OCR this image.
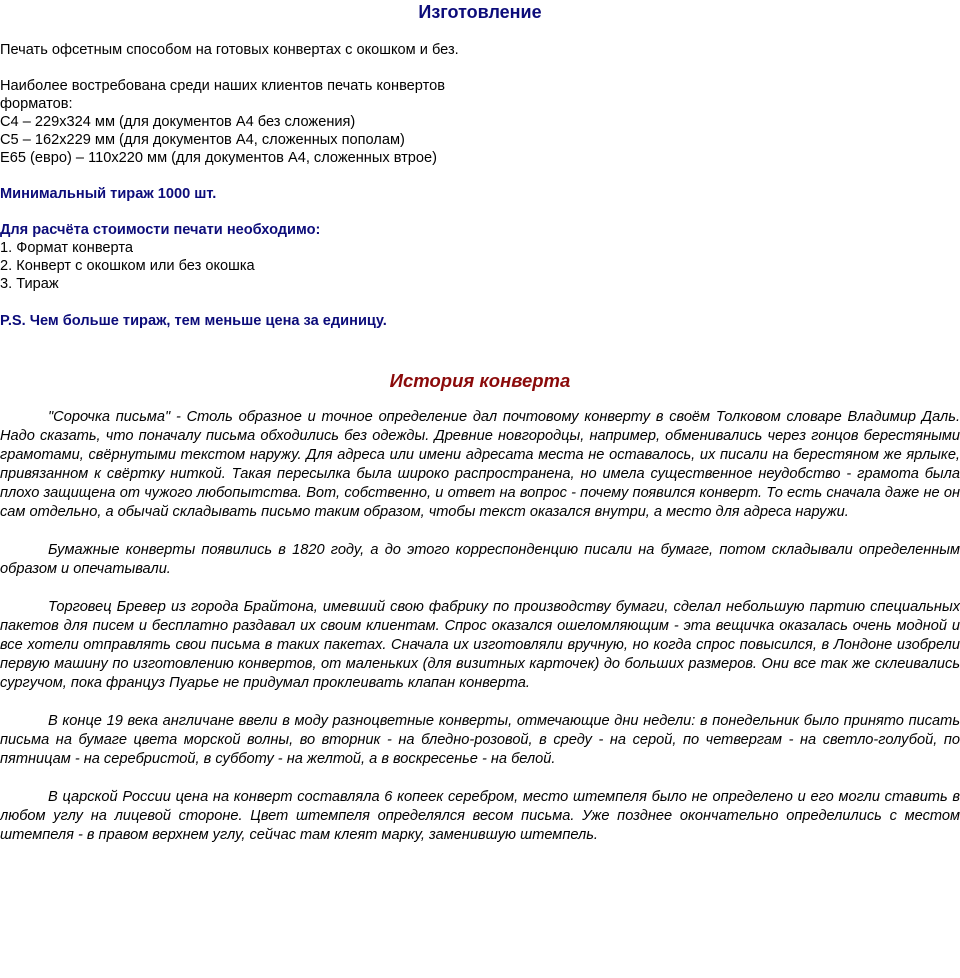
Изготовление
Печать офсетным способом на готовых конвертах с окошком и без.
Наиболее востребована среди наших клиентов печать конвертов
форматов:
С4 – 229х324 мм (для документов А4 без сложения)
С5 – 162х229 мм (для документов А4, сложенных пополам)
Е65 (евро) – 110х220 мм (для документов А4, сложенных втрое)
Минимальный тираж 1000 шт.
Для расчёта стоимости печати необходимо:
1. Формат конверта
2. Конверт с окошком или без окошка
3. Тираж
P.S. Чем больше тираж, тем меньше цена за единицу.
История конверта

"Сорочка письма" - Столь образное и точное определение дал почтовому конверту в своём Толковом словаре Владимир Даль. Надо сказать, что поначалу письма обходились без одежды. Древние новгородцы, например, обменивались через гонцов берестяными грамотами, свёрнутыми текстом наружу. Для адреса или имени адресата места не оставалось, их писали на берестяном же ярлыке, привязанном к свёртку ниткой. Такая пересылка была широко распространена, но имела существенное неудобство - грамота была плохо защищена от чужого любопытства. Вот, собственно, и ответ на вопрос - почему появился конверт. То есть сначала даже не он сам отдельно, а обычай складывать письмо таким образом, чтобы текст оказался внутри, а место для адреса наружи.

Бумажные конверты появились в 1820 году, а до этого корреспонденцию писали на бумаге, потом складывали определенным образом и опечатывали.

Торговец Бревер из города Брайтона, имевший свою фабрику по производству бумаги, сделал небольшую партию специальных пакетов для писем и бесплатно раздавал их своим клиентам. Спрос оказался ошеломляющим - эта вещичка оказалась очень модной и все хотели отправлять свои письма в таких пакетах. Сначала их изготовляли вручную, но когда спрос повысился, в Лондоне изобрели первую машину по изготовлению конвертов, от маленьких (для визитных карточек) до больших размеров. Они все так же склеивались сургучом, пока француз Пуарье не придумал проклеивать клапан конверта.

В конце 19 века англичане ввели в моду разноцветные конверты, отмечающие дни недели: в понедельник было принято писать письма на бумаге цвета морской волны, во вторник - на бледно-розовой, в среду - на серой, по четвергам - на светло-голубой, по пятницам - на серебристой, в субботу - на желтой, а в воскресенье - на белой.

В царской России цена на конверт составляла 6 копеек серебром, место штемпеля было не определено и его могли ставить в любом углу на лицевой стороне. Цвет штемпеля определялся весом письма. Уже позднее окончательно определились с местом штемпеля - в правом верхнем углу, сейчас там клеят марку, заменившую штемпель.
